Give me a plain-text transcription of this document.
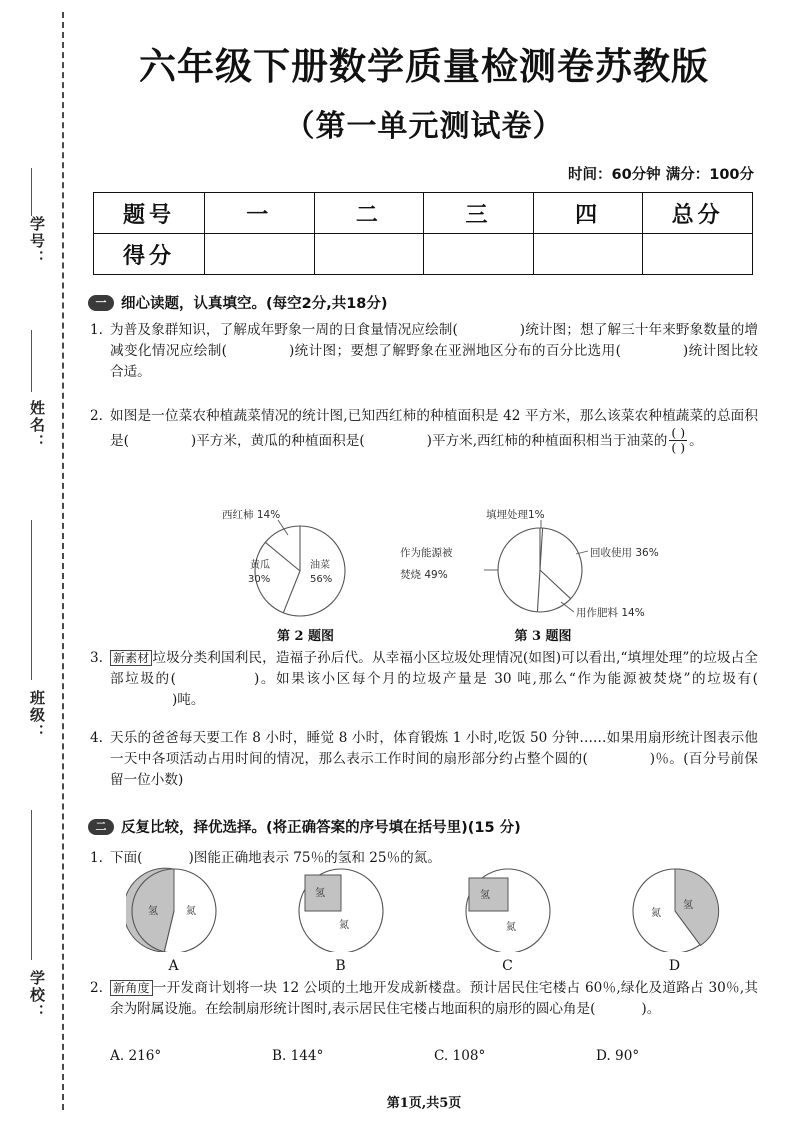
学号：
姓名：
班级：
学校：
六年级下册数学质量检测卷苏教版
（第一单元测试卷）
时间：60分钟 满分：100分
题号	一	二	三	四	总分
得分					
一	细心读题，认真填空。(每空2分,共18分)
1. 为普及象群知识，了解成年野象一周的日食量情况应绘制(	)统计图；想了解三十年来野象数量的增减变化情况应绘制(	)统计图；要想了解野象在亚洲地区分布的百分比选用(	)统计图比较合适。
2. 如图是一位菜农种植蔬菜情况的统计图,已知西红柿的种植面积是 42 平方米，那么该菜农种植蔬菜的总面积是(	)平方米，黄瓜的种植面积是(	)平方米,西红柿的种植面积相当于油菜的 $\frac{( )}{( )}$ 。
西红柿 14%
黄瓜
30%
油菜
56%
第 2 题图
填埋处理1%
回收使用 36%
用作肥料 14%
作为能源被
焚烧 49%
第 3 题图
3. 新素材 垃圾分类利国利民，造福子孙后代。从幸福小区垃圾处理情况(如图)可以看出,“填埋处理”的垃圾占全部垃圾的(	)。如果该小区每个月的垃圾产量是 30 吨,那么“作为能源被焚烧”的垃圾有()吨。
4. 天乐的爸爸每天要工作 8 小时，睡觉 8 小时，体育锻炼 1 小时,吃饭 50 分钟……如果用扇形统计图表示他一天中各项活动占用时间的情况，那么表示工作时间的扇形部分约占整个圆的(	)％。(百分号前保留一位小数)
二	反复比较，择优选择。(将正确答案的序号填在括号里)(15 分)
1. 下面(	)图能正确地表示 75％的氢和 25％的氮。
氢	氮
A
氢
氮
B
氢
氮
C
氮
氢
D
2. 新角度 一开发商计划将一块 12 公顷的土地开发成新楼盘。预计居民住宅楼占 60％,绿化及道路占 30％,其余为附属设施。在绘制扇形统计图时,表示居民住宅楼占地面积的扇形的圆心角是(	)。
A. 216°	B. 144°	C. 108°	D. 90°
第1页,共5页
